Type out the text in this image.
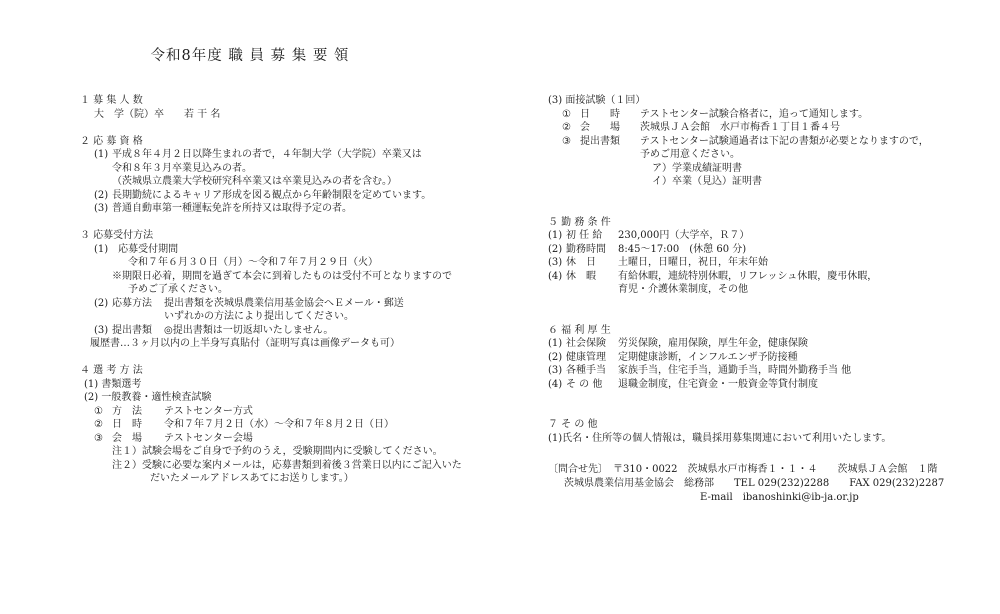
令和8年度 職 員 募 集 要 領
１ 募 集 人 数
大　学（院）卒　　若 干 名
２ 応 募 資 格
(1) 平成８年４月２日以降生まれの者で，４年制大学（大学院）卒業又は
令和８年３月卒業見込みの者。
（茨城県立農業大学校研究科卒業又は卒業見込みの者を含む。）
(2) 長期勤続によるキャリア形成を図る観点から年齢制限を定めています。
(3) 普通自動車第一種運転免許を所持又は取得予定の者。
３ 応募受付方法
(1)　応募受付期間
令和７年６月３０日（月）～令和７年７月２９日（火）
※期限日必着，期間を過ぎて本会に到着したものは受付不可となりますので
予めご了承ください。
(2) 応募方法 提出書類を茨城県農業信用基金協会へＥメール・郵送
いずれかの方法により提出してください。
(3) 提出書類 ◎提出書類は一切返却いたしません。
履歴書…３ヶ月以内の上半身写真貼付（証明写真は画像データも可）
４ 選 考 方 法
(1) 書類選考
(2) 一般教養・適性検査試験
① 方　法 テストセンター方式
② 日　時 令和７年７月２日（水）～令和７年８月２日（日）
③ 会　場 テストセンター会場
注１）試験会場をご自身で予約のうえ，受験期間内に受験してください。
注２）受験に必要な案内メールは，応募書類到着後３営業日以内にご記入いた
だいたメールアドレスあてにお送りします。）
(3) 面接試験（１回）
① 日　　時 テストセンター試験合格者に，追って通知します。
② 会　　場 茨城県ＪＡ会館　水戸市梅香１丁目１番４号
③ 提出書類 テストセンター試験通過者は下記の書類が必要となりますので，
予めご用意ください。
ア）学業成績証明書
イ）卒業（見込）証明書
５ 勤 務 条 件
(1) 初 任 給 230,000円（大学卒，Ｒ７）
(2) 勤務時間 8:45～17:00　(休憩 60 分)
(3) 休　日 土曜日，日曜日，祝日，年末年始
(4) 休　暇 有給休暇，連続特別休暇，リフレッシュ休暇，慶弔休暇，
育児・介護休業制度，その他
６ 福 利 厚 生
(1) 社会保険 労災保険，雇用保険，厚生年金，健康保険
(2) 健康管理 定期健康診断，インフルエンザ予防接種
(3) 各種手当 家族手当，住宅手当，通勤手当，時間外勤務手当 他
(4) そ の 他 退職金制度，住宅資金・一般資金等貸付制度
７ そ の 他
(1)氏名・住所等の個人情報は，職員採用募集関連において利用いたします。
〔問合せ先〕　 〒310・0022　茨城県水戸市梅香１・１・４　　茨城県ＪＡ会館　１階
茨城県農業信用基金協会　総務部　　 TEL 029(232)2288　　 FAX 029(232)2287
E-mail　ibanoshinki@ib-ja.or.jp
